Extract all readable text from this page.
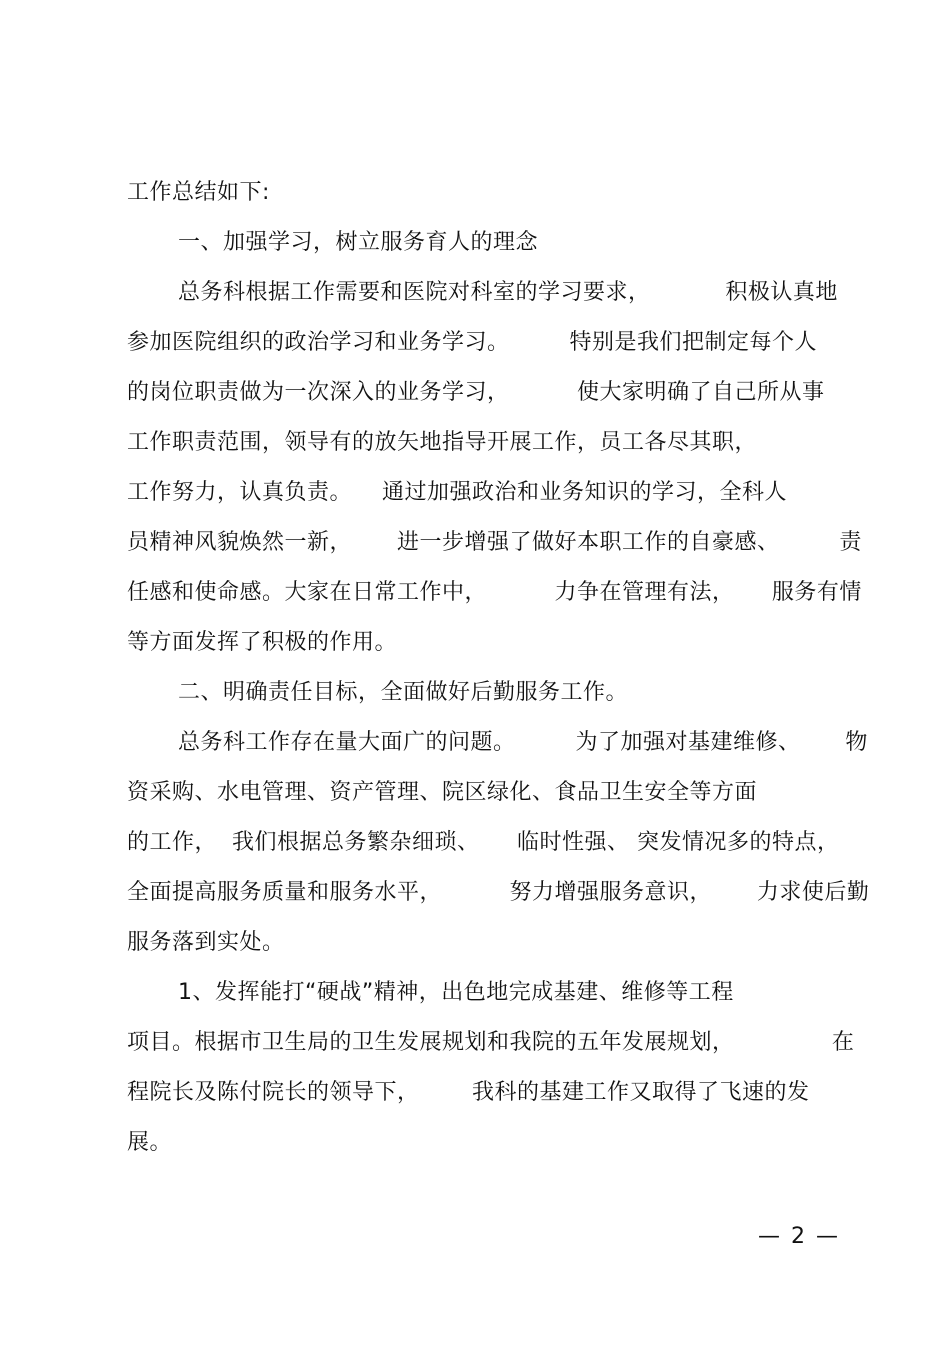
工作总结如下:
一、加强学习，树立服务育人的理念
总务科根据工作需要和医院对科室的学习要求，          积极认真地
参加医院组织的政治学习和业务学习。        特别是我们把制定每个人
的岗位职责做为一次深入的业务学习，         使大家明确了自己所从事
工作职责范围，领导有的放矢地指导开展工作，员工各尽其职，
工作努力，认真负责。    通过加强政治和业务知识的学习，全科人
员精神风貌焕然一新，      进一步增强了做好本职工作的自豪感、        责
任感和使命感。大家在日常工作中，         力争在管理有法，     服务有情
等方面发挥了积极的作用。
二、明确责任目标，全面做好后勤服务工作。
总务科工作存在量大面广的问题。        为了加强对基建维修、      物
资采购、水电管理、资产管理、院区绿化、食品卫生安全等方面
的工作，  我们根据总务繁杂细琐、     临时性强、 突发情况多的特点，
全面提高服务质量和服务水平，         努力增强服务意识，      力求使后勤
服务落到实处。
1、发挥能打“硬战”精神，出色地完成基建、维修等工程
项目。根据市卫生局的卫生发展规划和我院的五年发展规划，             在
程院长及陈付院长的领导下，       我科的基建工作又取得了飞速的发
展。
— 2 —
